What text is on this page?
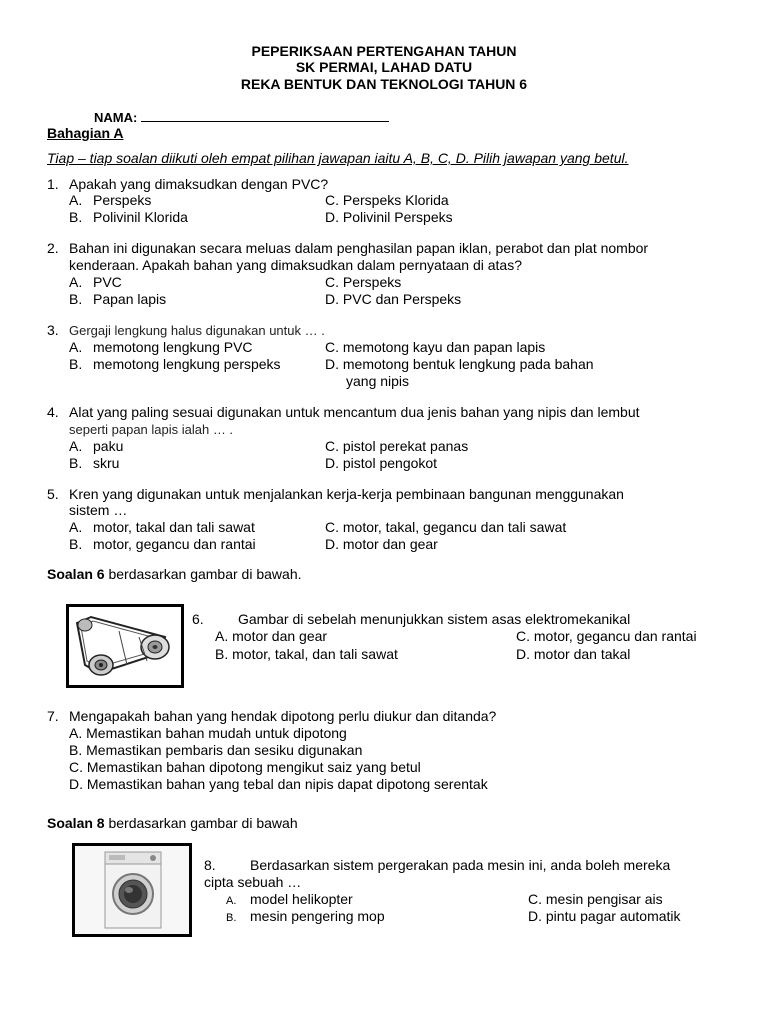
PEPERIKSAAN PERTENGAHAN TAHUN
SK PERMAI, LAHAD DATU
REKA BENTUK DAN TEKNOLOGI TAHUN 6
NAMA:
Bahagian A
Tiap – tiap soalan diikuti oleh empat pilihan jawapan iaitu A, B, C, D. Pilih jawapan yang betul.
1. Apakah yang dimaksudkan dengan PVC?
A. Perspeks	C. Perspeks Klorida
B. Polivinil Klorida	D. Polivinil Perspeks
2. Bahan ini digunakan secara meluas dalam penghasilan papan iklan, perabot dan plat nombor
kenderaan. Apakah bahan yang dimaksudkan dalam pernyataan di atas?
A. PVC	C. Perspeks
B. Papan lapis	D. PVC dan Perspeks
3. Gergaji lengkung halus digunakan untuk … .
A. memotong lengkung PVC	C. memotong kayu dan papan lapis
B. memotong lengkung perspeks	D. memotong bentuk lengkung pada bahan
yang nipis
4. Alat yang paling sesuai digunakan untuk mencantum dua jenis bahan yang nipis dan lembut
seperti papan lapis ialah … .
A. paku	C. pistol perekat panas
B. skru	D. pistol pengokot
5. Kren yang digunakan untuk menjalankan kerja-kerja pembinaan bangunan menggunakan
sistem …
A. motor, takal dan tali sawat	C. motor, takal, gegancu dan tali sawat
B. motor, gegancu dan rantai	D. motor dan gear
Soalan 6 berdasarkan gambar di bawah.
6. Gambar di sebelah menunjukkan sistem asas elektromekanikal
A. motor dan gear	C. motor, gegancu dan rantai
B. motor, takal, dan tali sawat	D. motor dan takal
7. Mengapakah bahan yang hendak dipotong perlu diukur dan ditanda?
A. Memastikan bahan mudah untuk dipotong
B. Memastikan pembaris dan sesiku digunakan
C. Memastikan bahan dipotong mengikut saiz yang betul
D. Memastikan bahan yang tebal dan nipis dapat dipotong serentak
Soalan 8 berdasarkan gambar di bawah
8. Berdasarkan sistem pergerakan pada mesin ini, anda boleh mereka
cipta sebuah …
A. model helikopter	C. mesin pengisar ais
B. mesin pengering mop	D. pintu pagar automatik
